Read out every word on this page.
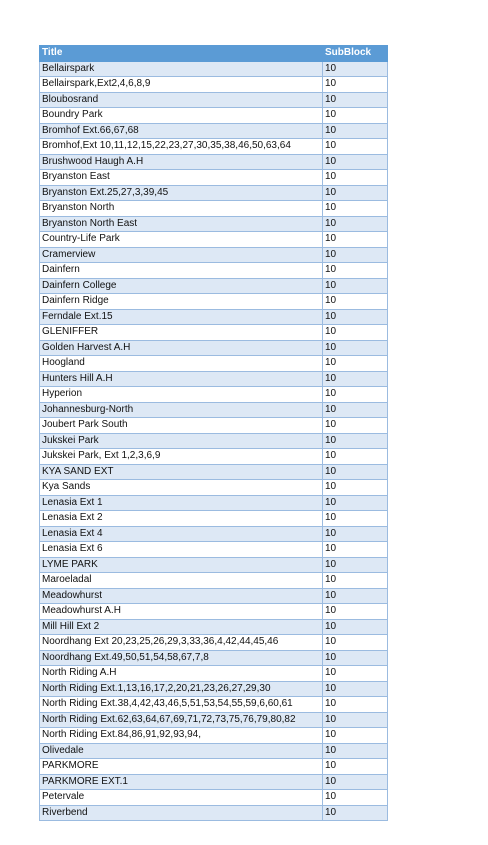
Title	SubBlock
Bellairspark	10
Bellairspark,Ext2,4,6,8,9	10
Bloubosrand	10
Boundry Park	10
Bromhof Ext.66,67,68	10
Bromhof,Ext 10,11,12,15,22,23,27,30,35,38,46,50,63,64	10
Brushwood Haugh A.H	10
Bryanston East	10
Bryanston Ext.25,27,3,39,45	10
Bryanston North	10
Bryanston North East	10
Country-Life Park	10
Cramerview	10
Dainfern	10
Dainfern College	10
Dainfern Ridge	10
Ferndale Ext.15	10
GLENIFFER	10
Golden Harvest A.H	10
Hoogland	10
Hunters Hill A.H	10
Hyperion	10
Johannesburg-North	10
Joubert Park South	10
Jukskei Park	10
Jukskei Park, Ext 1,2,3,6,9	10
KYA SAND EXT	10
Kya Sands	10
Lenasia Ext 1	10
Lenasia Ext 2	10
Lenasia Ext 4	10
Lenasia Ext 6	10
LYME PARK	10
Maroeladal	10
Meadowhurst	10
Meadowhurst A.H	10
Mill Hill Ext 2	10
Noordhang Ext 20,23,25,26,29,3,33,36,4,42,44,45,46	10
Noordhang Ext.49,50,51,54,58,67,7,8	10
North Riding A.H	10
North Riding Ext.1,13,16,17,2,20,21,23,26,27,29,30	10
North Riding Ext.38,4,42,43,46,5,51,53,54,55,59,6,60,61	10
North Riding Ext.62,63,64,67,69,71,72,73,75,76,79,80,82	10
North Riding Ext.84,86,91,92,93,94,	10
Olivedale	10
PARKMORE	10
PARKMORE EXT.1	10
Petervale	10
Riverbend	10
